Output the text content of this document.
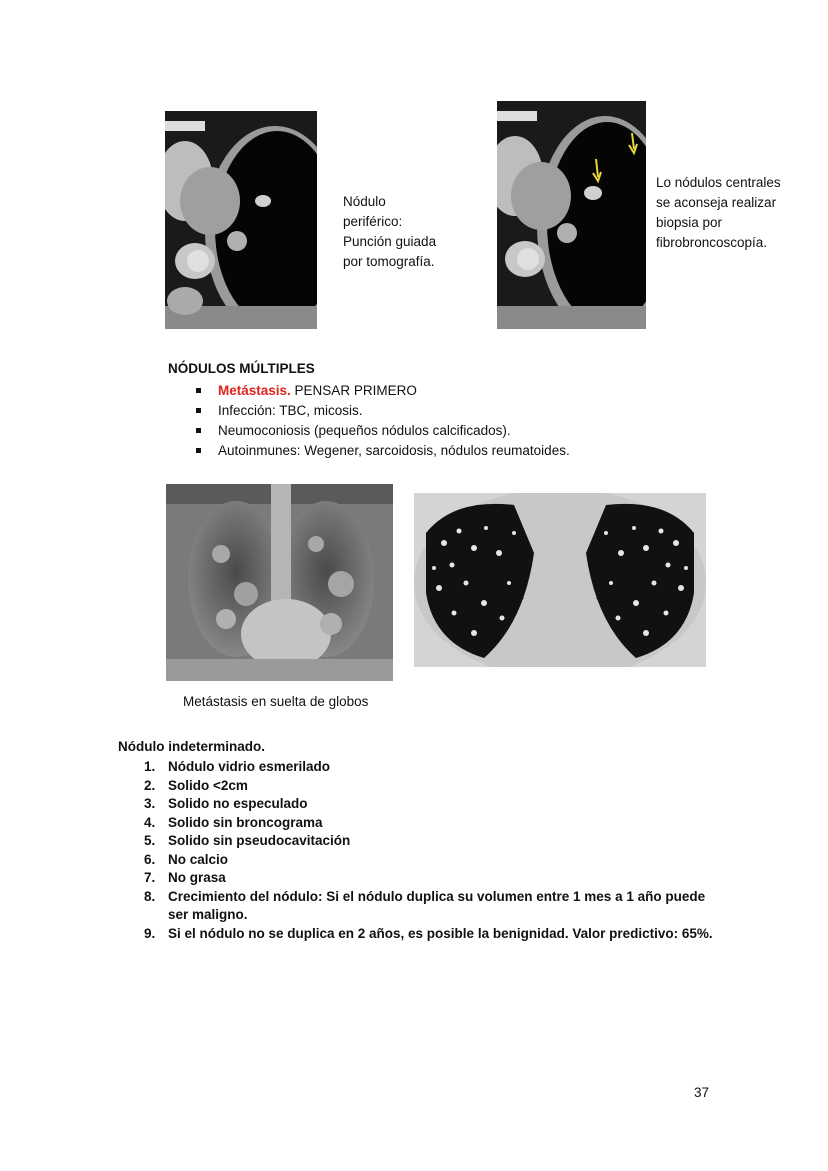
Nódulo
periférico:
Punción guiada
por tomografía.
Lo nódulos centrales
se aconseja realizar
biopsia por
fibrobroncoscopía.
NÓDULOS MÚLTIPLES
Metástasis. PENSAR PRIMERO
Infección: TBC, micosis.
Neumoconiosis (pequeños nódulos calcificados).
Autoinmunes: Wegener, sarcoidosis, nódulos reumatoides.
Metástasis en suelta de globos
Nódulo indeterminado.
1. Nódulo vidrio esmerilado
2. Solido <2cm
3. Solido no especulado
4. Solido sin broncograma
5. Solido sin pseudocavitación
6. No calcio
7. No grasa
8. Crecimiento del nódulo: Si el nódulo duplica su volumen entre 1 mes a 1 año puede ser maligno.
9. Si el nódulo no se duplica en 2 años, es posible la benignidad. Valor predictivo: 65%.
37
